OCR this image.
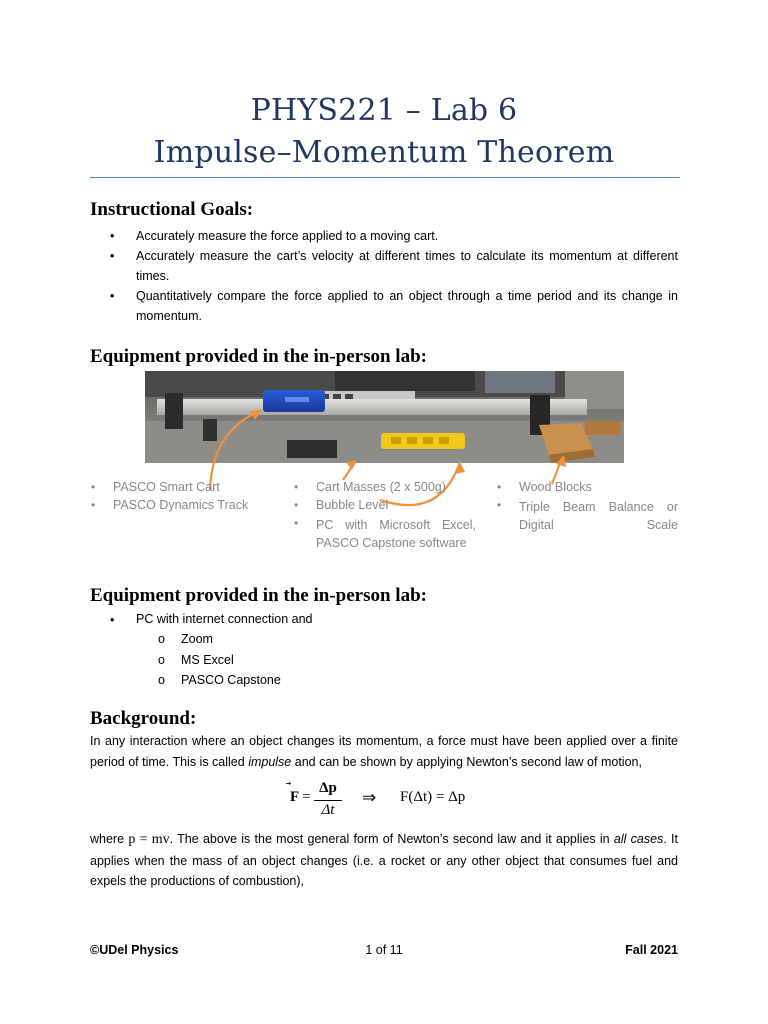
PHYS221 – Lab 6
Impulse–Momentum Theorem
Instructional Goals:
• Accurately measure the force applied to a moving cart.
• Accurately measure the cart’s velocity at different times to calculate its momentum at different times.
• Quantitatively compare the force applied to an object through a time period and its change in momentum.
Equipment provided in the in-person lab:
• PASCO Smart Cart
• PASCO Dynamics Track
• Cart Masses (2 x 500g)
• Bubble Level
• PC with Microsoft Excel, PASCO Capstone software
• Wood Blocks
• Triple Beam Balance or Digital Scale
Equipment provided in the in-person lab:
• PC with internet connection and
o Zoom
o MS Excel
o PASCO Capstone
Background:
In any interaction where an object changes its momentum, a force must have been applied over a finite period of time. This is called impulse and can be shown by applying Newton’s second law of motion,
F =
Δp
Δt
⇒ F(Δt) = Δp
where p = mv. The above is the most general form of Newton’s second law and it applies in all cases. It applies when the mass of an object changes (i.e. a rocket or any other object that consumes fuel and expels the productions of combustion),
©UDel Physics	1 of 11	Fall 2021
